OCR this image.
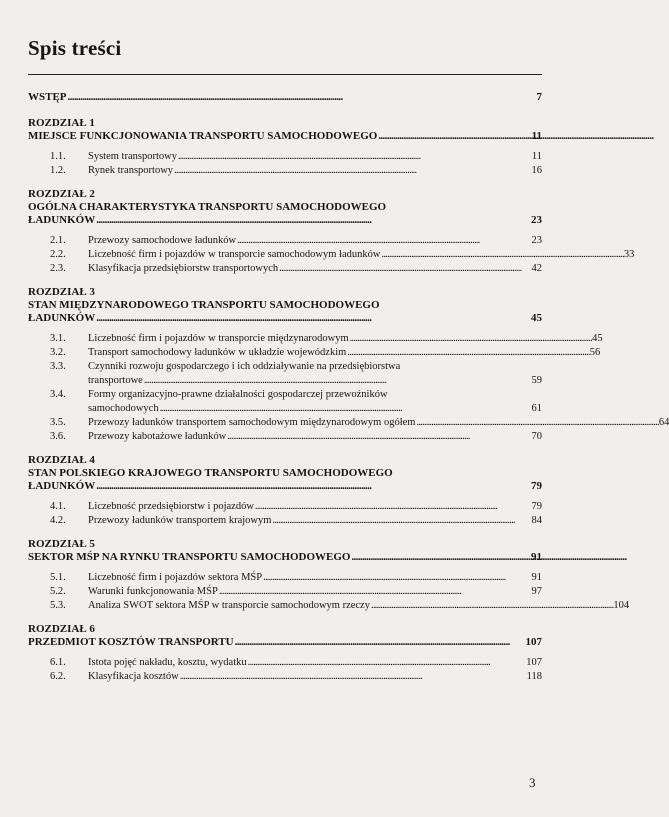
Spis treści
WSTĘP . . .	7
ROZDZIAŁ 1
MIEJSCE FUNKCJONOWANIA TRANSPORTU SAMOCHODOWEGO . . .	11
1.1.	System transportowy . . .	11
1.2.	Rynek transportowy . . .	16
ROZDZIAŁ 2
OGÓLNA CHARAKTERYSTYKA TRANSPORTU SAMOCHODOWEGO
ŁADUNKÓW . . .	23
2.1.	Przewozy samochodowe ładunków . . .	23
2.2.	Liczebność firm i pojazdów w transporcie samochodowym ładunków . . .	33
2.3.	Klasyfikacja przedsiębiorstw transportowych . . .	42
ROZDZIAŁ 3
STAN MIĘDZYNARODOWEGO TRANSPORTU SAMOCHODOWEGO
ŁADUNKÓW . . .	45
3.1.	Liczebność firm i pojazdów w transporcie międzynarodowym . . .	45
3.2.	Transport samochodowy ładunków w układzie wojewódzkim . . .	56
3.3.	Czynniki rozwoju gospodarczego i ich oddziaływanie na przedsiębiorstwa
transportowe . . .	59
3.4.	Formy organizacyjno-prawne działalności gospodarczej przewoźników
samochodowych . . .	61
3.5.	Przewozy ładunków transportem samochodowym międzynarodowym ogółem . . .	64
3.6.	Przewozy kabotażowe ładunków . . .	70
ROZDZIAŁ 4
STAN POLSKIEGO KRAJOWEGO TRANSPORTU SAMOCHODOWEGO
ŁADUNKÓW . . .	79
4.1.	Liczebność przedsiębiorstw i pojazdów . . .	79
4.2.	Przewozy ładunków transportem krajowym . . .	84
ROZDZIAŁ 5
SEKTOR MŚP NA RYNKU TRANSPORTU SAMOCHODOWEGO . . .	91
5.1.	Liczebność firm i pojazdów sektora MŚP . . .	91
5.2.	Warunki funkcjonowania MŚP . . .	97
5.3.	Analiza SWOT sektora MŚP w transporcie samochodowym rzeczy . . .	104
ROZDZIAŁ 6
PRZEDMIOT KOSZTÓW TRANSPORTU . . .	107
6.1.	Istota pojęć nakładu, kosztu, wydatku . . .	107
6.2.	Klasyfikacja kosztów . . .	118
3
